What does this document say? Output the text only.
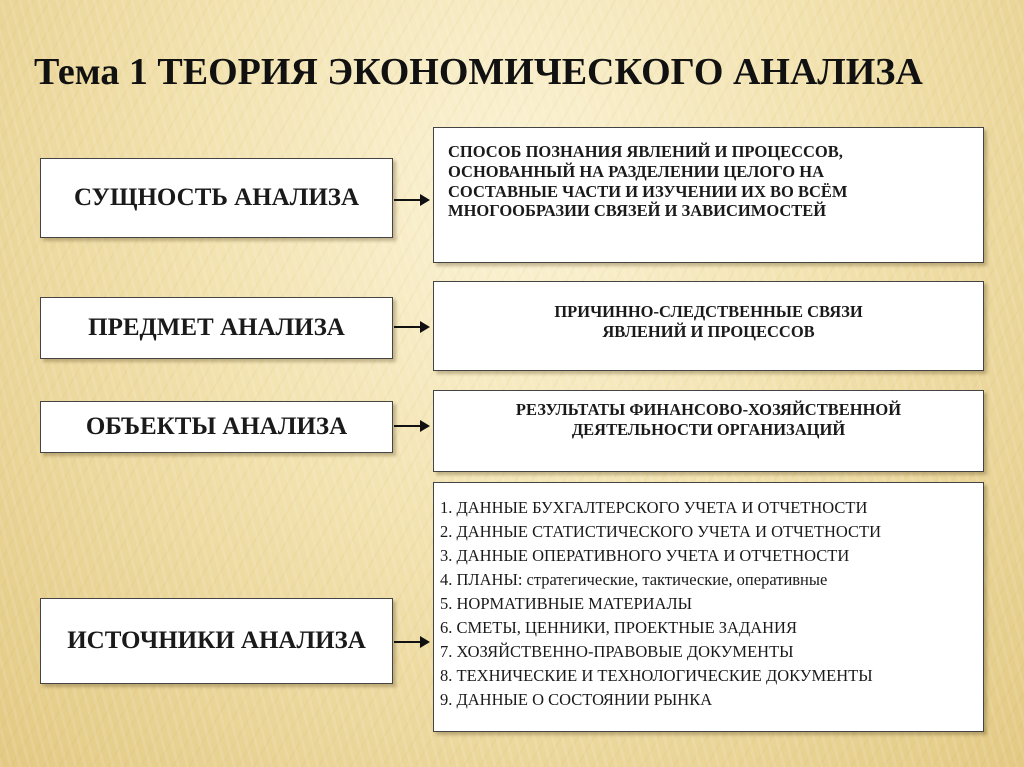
Тема 1 ТЕОРИЯ ЭКОНОМИЧЕСКОГО АНАЛИЗА
СУЩНОСТЬ АНАЛИЗА
СПОСОБ ПОЗНАНИЯ ЯВЛЕНИЙ И ПРОЦЕССОВ,
ОСНОВАННЫЙ НА РАЗДЕЛЕНИИ ЦЕЛОГО НА
СОСТАВНЫЕ ЧАСТИ И ИЗУЧЕНИИ ИХ ВО ВСЁМ
МНОГООБРАЗИИ СВЯЗЕЙ И ЗАВИСИМОСТЕЙ
ПРЕДМЕТ АНАЛИЗА
ПРИЧИННО-СЛЕДСТВЕННЫЕ СВЯЗИ
ЯВЛЕНИЙ И ПРОЦЕССОВ
ОБЪЕКТЫ АНАЛИЗА
РЕЗУЛЬТАТЫ ФИНАНСОВО-ХОЗЯЙСТВЕННОЙ
ДЕЯТЕЛЬНОСТИ ОРГАНИЗАЦИЙ
ИСТОЧНИКИ АНАЛИЗА
1. ДАННЫЕ БУХГАЛТЕРСКОГО УЧЕТА И ОТЧЕТНОСТИ
2. ДАННЫЕ СТАТИСТИЧЕСКОГО УЧЕТА И ОТЧЕТНОСТИ
3. ДАННЫЕ ОПЕРАТИВНОГО УЧЕТА И ОТЧЕТНОСТИ
4. ПЛАНЫ: стратегические, тактические, оперативные
5. НОРМАТИВНЫЕ МАТЕРИАЛЫ
6. СМЕТЫ, ЦЕННИКИ, ПРОЕКТНЫЕ ЗАДАНИЯ
7. ХОЗЯЙСТВЕННО-ПРАВОВЫЕ ДОКУМЕНТЫ
8. ТЕХНИЧЕСКИЕ И ТЕХНОЛОГИЧЕСКИЕ ДОКУМЕНТЫ
9. ДАННЫЕ О СОСТОЯНИИ РЫНКА
